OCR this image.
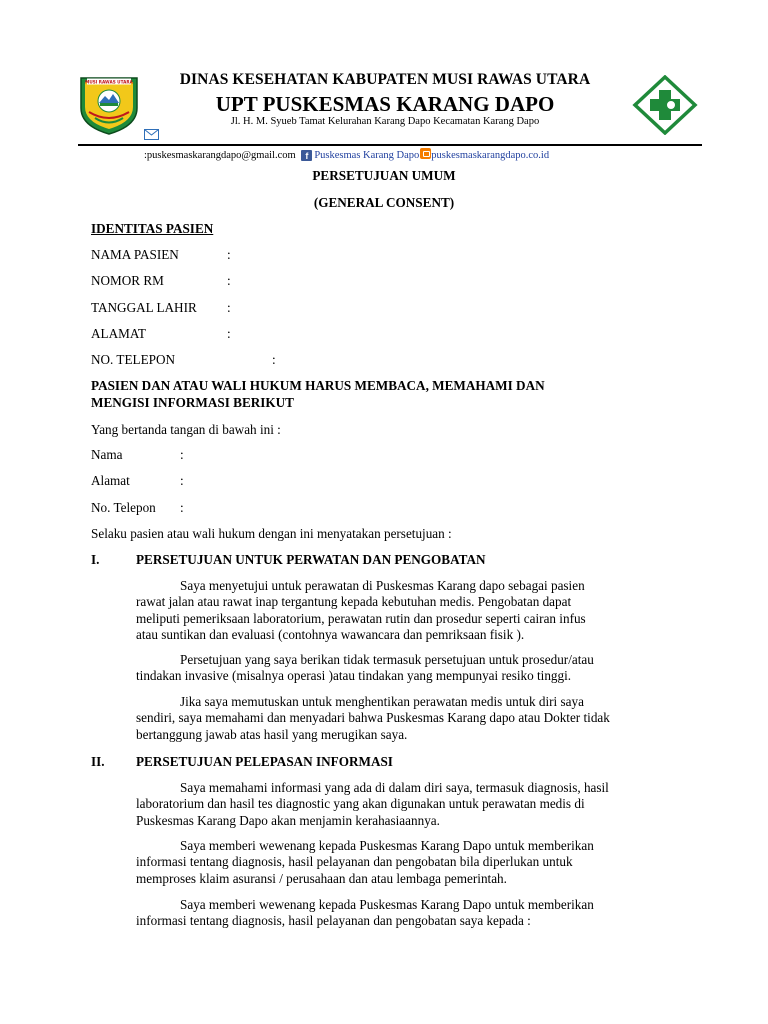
MUSI RAWAS UTARA	DINAS KESEHATAN KABUPATEN MUSI RAWAS UTARA
UPT PUSKESMAS KARANG DAPO
Jl. H. M. Syueb Tamat Kelurahan Karang Dapo Kecamatan Karang Dapo

:puskesmaskarangdapo@gmail.com f Puskesmas Karang Dapo puskesmaskarangdapo.co.id
PERSETUJUAN UMUM
(GENERAL CONSENT)
IDENTITAS PASIEN
NAMA PASIEN	:
NOMOR RM	:
TANGGAL LAHIR :
ALAMAT	:
NO. TELEPON	:
PASIEN DAN ATAU WALI HUKUM HARUS MEMBACA, MEMAHAMI DAN
MENGISI INFORMASI BERIKUT
Yang bertanda tangan di bawah ini :
Nama	:
Alamat	:
No. Telepon :
Selaku pasien atau wali hukum dengan ini menyatakan persetujuan :
I.	PERSETUJUAN UNTUK PERWATAN DAN PENGOBATAN
Saya menyetujui untuk perawatan di Puskesmas Karang dapo sebagai pasien
rawat jalan atau rawat inap tergantung kepada kebutuhan medis. Pengobatan dapat
meliputi pemeriksaan laboratorium, perawatan rutin dan prosedur seperti cairan infus
atau suntikan dan evaluasi (contohnya wawancara dan pemriksaan fisik ).
Persetujuan yang saya berikan tidak termasuk persetujuan untuk prosedur/atau
tindakan invasive (misalnya operasi )atau tindakan yang mempunyai resiko tinggi.
Jika saya memutuskan untuk menghentikan perawatan medis untuk diri saya
sendiri, saya memahami dan menyadari bahwa Puskesmas Karang dapo atau Dokter tidak
bertanggung jawab atas hasil yang merugikan saya.
II. PERSETUJUAN PELEPASAN INFORMASI
Saya memahami informasi yang ada di dalam diri saya, termasuk diagnosis, hasil
laboratorium dan hasil tes diagnostic yang akan digunakan untuk perawatan medis di
Puskesmas Karang Dapo akan menjamin kerahasiaannya.
Saya memberi wewenang kepada Puskesmas Karang Dapo untuk memberikan
informasi tentang diagnosis, hasil pelayanan dan pengobatan bila diperlukan untuk
memproses klaim asuransi / perusahaan dan atau lembaga pemerintah.
Saya memberi wewenang kepada Puskesmas Karang Dapo untuk memberikan
informasi tentang diagnosis, hasil pelayanan dan pengobatan saya kepada :
